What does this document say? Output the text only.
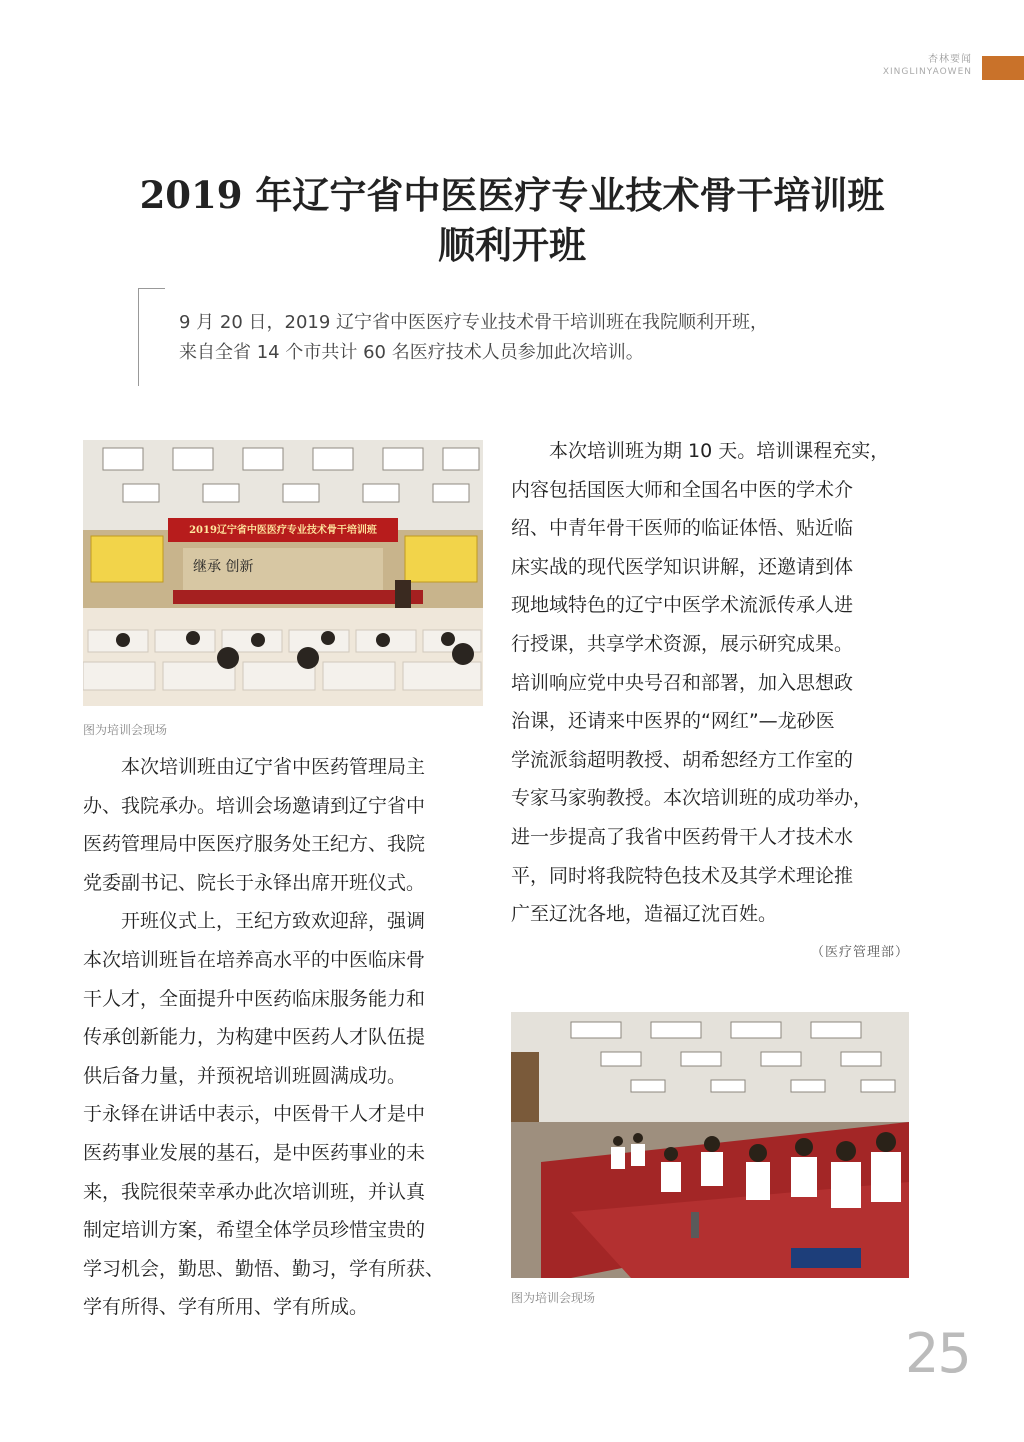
杏林要闻
XINGLINYAOWEN
2019 年辽宁省中医医疗专业技术骨干培训班
顺利开班

9 月 20 日，2019 辽宁省中医医疗专业技术骨干培训班在我院顺利开班，
来自全省 14 个市共计 60 名医疗技术人员参加此次培训。

2019辽宁省中医医疗专业技术骨干培训班
继承 创新
图为培训会现场

本次培训班由辽宁省中医药管理局主
办、我院承办。培训会场邀请到辽宁省中
医药管理局中医医疗服务处王纪方、我院
党委副书记、院长于永铎出席开班仪式。

开班仪式上，王纪方致欢迎辞，强调
本次培训班旨在培养高水平的中医临床骨
干人才，全面提升中医药临床服务能力和
传承创新能力，为构建中医药人才队伍提
供后备力量，并预祝培训班圆满成功。
于永铎在讲话中表示，中医骨干人才是中
医药事业发展的基石，是中医药事业的未
来，我院很荣幸承办此次培训班，并认真
制定培训方案，希望全体学员珍惜宝贵的
学习机会，勤思、勤悟、勤习，学有所获、
学有所得、学有所用、学有所成。

本次培训班为期 10 天。培训课程充实，
内容包括国医大师和全国名中医的学术介
绍、中青年骨干医师的临证体悟、贴近临
床实战的现代医学知识讲解，还邀请到体
现地域特色的辽宁中医学术流派传承人进
行授课，共享学术资源，展示研究成果。
培训响应党中央号召和部署，加入思想政
治课，还请来中医界的“网红”—龙砂医
学流派翁超明教授、胡希恕经方工作室的
专家马家驹教授。本次培训班的成功举办，
进一步提高了我省中医药骨干人才技术水
平，同时将我院特色技术及其学术理论推
广至辽沈各地，造福辽沈百姓。

（医疗管理部）
图为培训会现场
25
